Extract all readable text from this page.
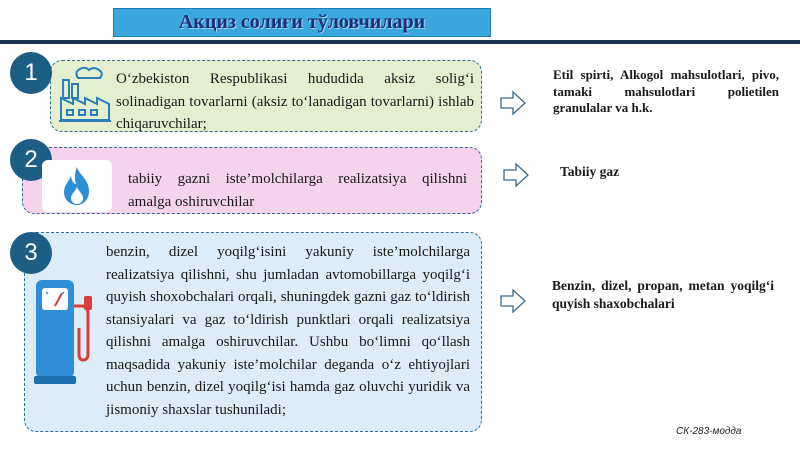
Акциз солиғи тўловчилари
1	O‘zbekiston Respublikasi hududida aksiz solig‘i solinadigan tovarlarni (aksiz to‘lanadigan tovarlarni) ishlab chiqaruvchilar;
Etil spirti, Alkogol mahsulotlari, pivo, tamaki mahsulotlari polietilen granulalar va h.k.
2
tabiiy gazni iste’molchilarga realizatsiya qilishni amalga oshiruvchilar
Tabiiy gaz
3	benzin, dizel yoqilg‘isini yakuniy iste’molchilarga realizatsiya qilishni, shu jumladan avtomobillarga yoqilg‘i quyish shoxobchalari orqali, shuningdek gazni gaz to‘ldirish stansiyalari va gaz to‘ldirish punktlari orqali realizatsiya qilishni amalga oshiruvchilar. Ushbu bo‘limni qo‘llash maqsadida yakuniy iste’molchilar deganda o‘z ehtiyojlari uchun benzin, dizel yoqilg‘isi hamda gaz oluvchi yuridik va jismoniy shaxslar tushuniladi;
Benzin, dizel, propan, metan yoqilg‘i quyish shaxobchalari
СК-283-модда
